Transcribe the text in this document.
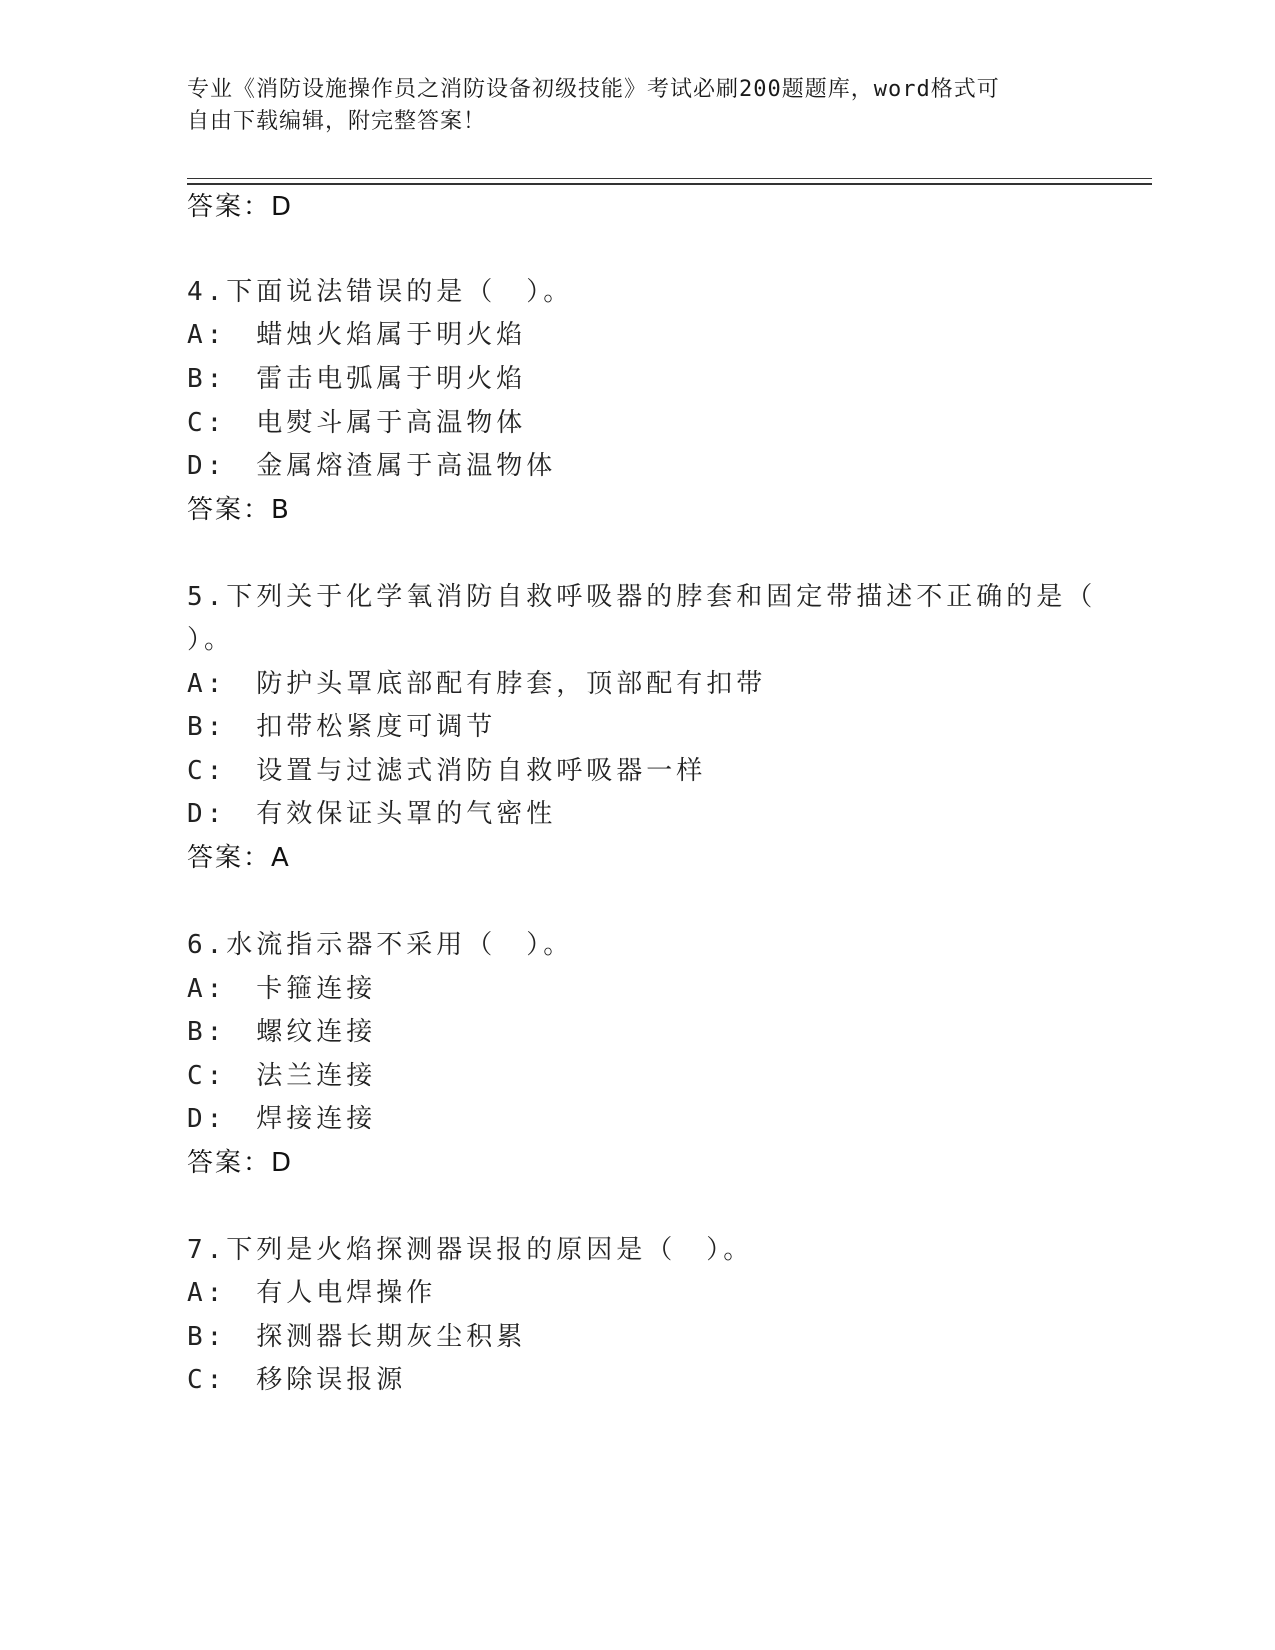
专业《消防设施操作员之消防设备初级技能》考试必刷200题题库，word格式可
自由下载编辑，附完整答案！
答案：D
4.下面说法错误的是（　）。
A:　蜡烛火焰属于明火焰
B:　雷击电弧属于明火焰
C:　电熨斗属于高温物体
D:　金属熔渣属于高温物体
答案：B
5.下列关于化学氧消防自救呼吸器的脖套和固定带描述不正确的是（
）。
A:　防护头罩底部配有脖套，顶部配有扣带
B:　扣带松紧度可调节
C:　设置与过滤式消防自救呼吸器一样
D:　有效保证头罩的气密性
答案：A
6.水流指示器不采用（　）。
A:　卡箍连接
B:　螺纹连接
C:　法兰连接
D:　焊接连接
答案：D
7.下列是火焰探测器误报的原因是（　）。
A:　有人电焊操作
B:　探测器长期灰尘积累
C:　移除误报源
